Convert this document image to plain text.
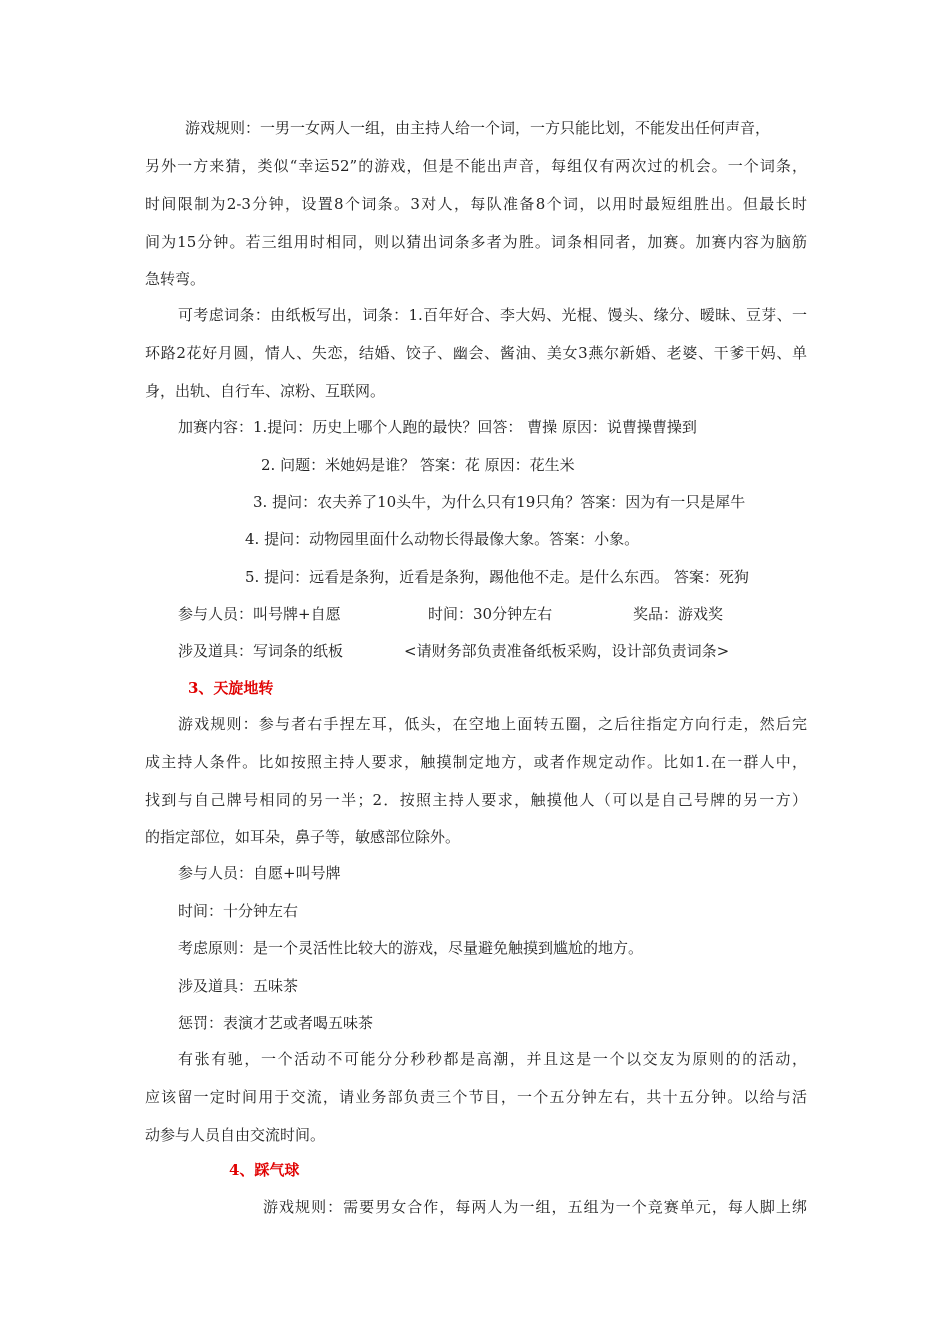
游戏规则：一男一女两人一组，由主持人给一个词，一方只能比划，不能发出任何声音，
另外一方来猜，类似“幸运52”的游戏，但是不能出声音，每组仅有两次过的机会。一个词条，
时间限制为2-3分钟，设置8个词条。3对人，每队准备8个词，以用时最短组胜出。但最长时
间为15分钟。若三组用时相同，则以猜出词条多者为胜。词条相同者，加赛。加赛内容为脑筋
急转弯。
可考虑词条：由纸板写出，词条：1.百年好合、李大妈、光棍、馒头、缘分、暧昧、豆芽、一
环路2花好月圆，情人、失恋，结婚、饺子、幽会、酱油、美女3燕尔新婚、老婆、干爹干妈、单
身，出轨、自行车、凉粉、互联网。
加赛内容：1.提问：历史上哪个人跑的最快？回答： 曹操 原因：说曹操曹操到
2. 问题：米她妈是谁？ 答案：花 原因：花生米
3. 提问：农夫养了10头牛，为什么只有19只角？答案：因为有一只是犀牛
4. 提问：动物园里面什么动物长得最像大象。答案：小象。
5. 提问：远看是条狗，近看是条狗，踢他他不走。是什么东西。 答案：死狗
参与人员：叫号牌+自愿	时间：30分钟左右	奖品：游戏奖
涉及道具：写词条的纸板	<请财务部负责准备纸板采购，设计部负责词条>
3、天旋地转
游戏规则：参与者右手捏左耳，低头，在空地上面转五圈，之后往指定方向行走，然后完
成主持人条件。比如按照主持人要求，触摸制定地方，或者作规定动作。比如1.在一群人中，
找到与自己牌号相同的另一半；2．按照主持人要求，触摸他人（可以是自己号牌的另一方）
的指定部位，如耳朵，鼻子等，敏感部位除外。
参与人员：自愿+叫号牌
时间：十分钟左右
考虑原则：是一个灵活性比较大的游戏，尽量避免触摸到尴尬的地方。
涉及道具：五味茶
惩罚：表演才艺或者喝五味茶
有张有驰，一个活动不可能分分秒秒都是高潮，并且这是一个以交友为原则的的活动，
应该留一定时间用于交流，请业务部负责三个节目，一个五分钟左右，共十五分钟。以给与活
动参与人员自由交流时间。
4、踩气球
游戏规则：需要男女合作，每两人为一组，五组为一个竞赛单元，每人脚上绑
